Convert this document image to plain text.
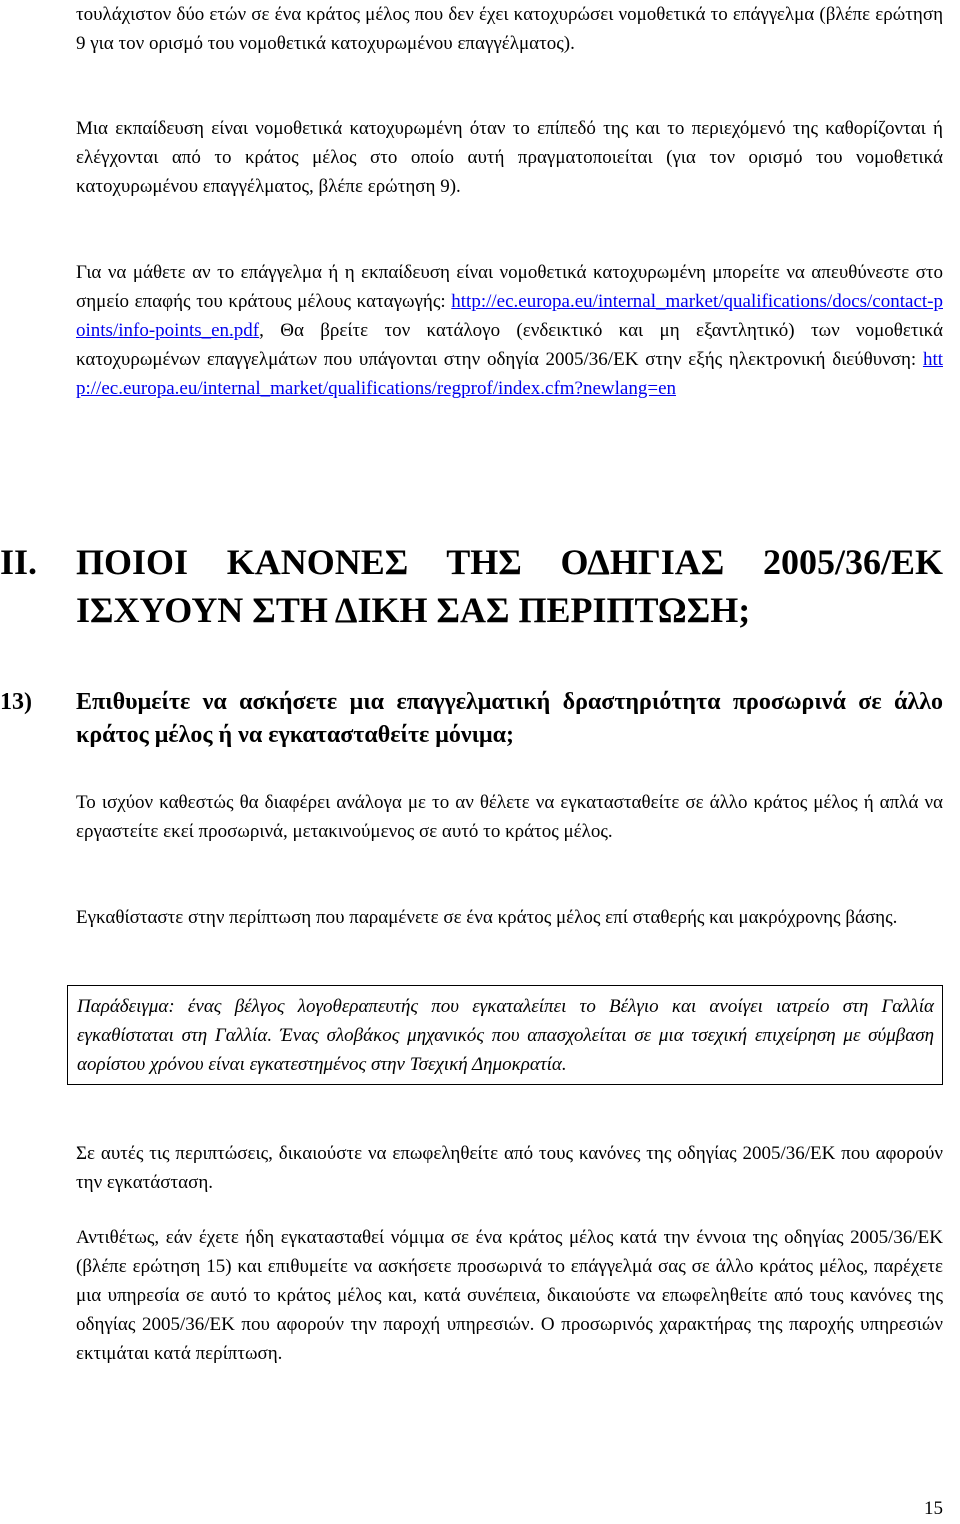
τουλάχιστον δύο ετών σε ένα κράτος μέλος που δεν έχει κατοχυρώσει νομοθετικά το επάγγελμα (βλέπε ερώτηση 9 για τον ορισμό του νομοθετικά κατοχυρωμένου επαγγέλματος).

Μια εκπαίδευση είναι νομοθετικά κατοχυρωμένη όταν το επίπεδό της και το περιεχόμενό της καθορίζονται ή ελέγχονται από το κράτος μέλος στο οποίο αυτή πραγματοποιείται (για τον ορισμό του νομοθετικά κατοχυρωμένου επαγγέλματος, βλέπε ερώτηση 9).

Για να μάθετε αν το επάγγελμα ή η εκπαίδευση είναι νομοθετικά κατοχυρωμένη μπορείτε να απευθύνεστε στο σημείο επαφής του κράτους μέλους καταγωγής: http://ec.europa.eu/internal_market/qualifications/docs/contact-points/info-points_en.pdf, Θα βρείτε τον κατάλογο (ενδεικτικό και μη εξαντλητικό) των νομοθετικά κατοχυρωμένων επαγγελμάτων που υπάγονται στην οδηγία 2005/36/ΕΚ στην εξής ηλεκτρονική διεύθυνση: http://ec.europa.eu/internal_market/qualifications/regprof/index.cfm?newlang=en

II. ΠΟΙΟΙ ΚΑΝΟΝΕΣ ΤΗΣ ΟΔΗΓΙΑΣ 2005/36/ΕΚ ΙΣΧΥΟΥΝ ΣΤΗ ΔΙΚΗ ΣΑΣ ΠΕΡΙΠΤΩΣΗ;
13) Επιθυμείτε να ασκήσετε μια επαγγελματική δραστηριότητα προσωρινά σε άλλο κράτος μέλος ή να εγκατασταθείτε μόνιμα;

Το ισχύον καθεστώς θα διαφέρει ανάλογα με το αν θέλετε να εγκατασταθείτε σε άλλο κράτος μέλος ή απλά να εργαστείτε εκεί προσωρινά, μετακινούμενος σε αυτό το κράτος μέλος.

Εγκαθίσταστε στην περίπτωση που παραμένετε σε ένα κράτος μέλος επί σταθερής και μακρόχρονης βάσης.

Παράδειγμα: ένας βέλγος λογοθεραπευτής που εγκαταλείπει το Βέλγιο και ανοίγει ιατρείο στη Γαλλία εγκαθίσταται στη Γαλλία. Ένας σλοβάκος μηχανικός που απασχολείται σε μια τσεχική επιχείρηση με σύμβαση αορίστου χρόνου είναι εγκατεστημένος στην Τσεχική Δημοκρατία.

Σε αυτές τις περιπτώσεις, δικαιούστε να επωφεληθείτε από τους κανόνες της οδηγίας 2005/36/ΕΚ που αφορούν την εγκατάσταση.

Αντιθέτως, εάν έχετε ήδη εγκατασταθεί νόμιμα σε ένα κράτος μέλος κατά την έννοια της οδηγίας 2005/36/ΕΚ (βλέπε ερώτηση 15) και επιθυμείτε να ασκήσετε προσωρινά το επάγγελμά σας σε άλλο κράτος μέλος, παρέχετε μια υπηρεσία σε αυτό το κράτος μέλος και, κατά συνέπεια, δικαιούστε να επωφεληθείτε από τους κανόνες της οδηγίας 2005/36/ΕΚ που αφορούν την παροχή υπηρεσιών. Ο προσωρινός χαρακτήρας της παροχής υπηρεσιών εκτιμάται κατά περίπτωση.

15
